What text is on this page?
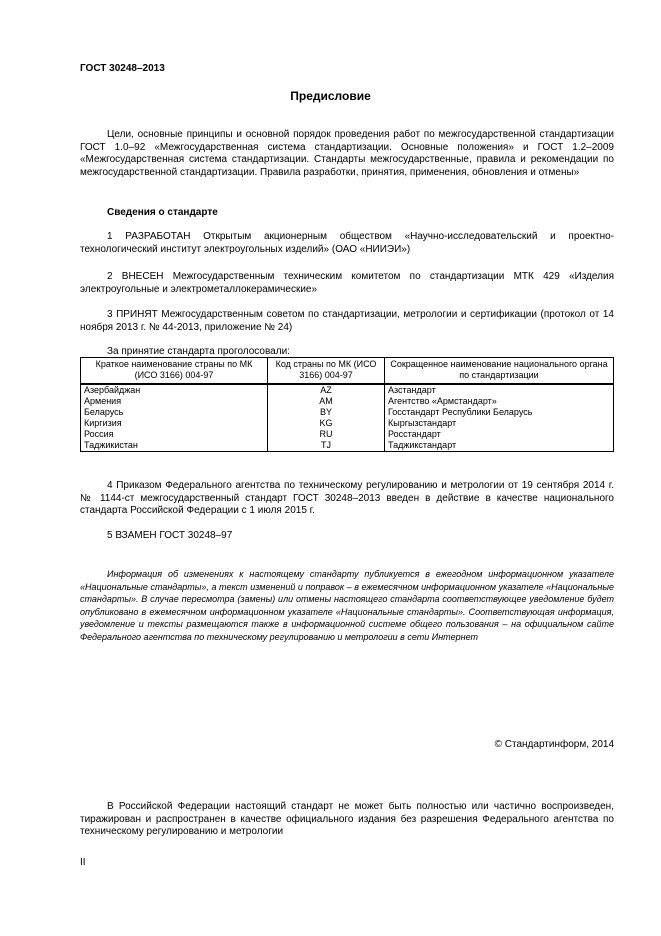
ГОСТ 30248–2013
Предисловие

Цели, основные принципы и основной порядок проведения работ по межгосударственной стандартизации ГОСТ 1.0–92 «Межгосударственная система стандартизации. Основные положения» и ГОСТ 1.2–2009 «Межгосударственная система стандартизации. Стандарты межгосударственные, правила и рекомендации по межгосударственной стандартизации. Правила разработки, принятия, применения, обновления и отмены»

Сведения о стандарте

1 РАЗРАБОТАН Открытым акционерным обществом «Научно-исследовательский и проектно-технологический институт электроугольных изделий» (ОАО «НИИЭИ»)

2 ВНЕСЕН Межгосударственным техническим комитетом по стандартизации МТК 429 «Изделия электроугольные и электрометаллокерамические»

3 ПРИНЯТ Межгосударственным советом по стандартизации, метрологии и сертификации (протокол от 14 ноября 2013 г. № 44-2013, приложение № 24)

За принятие стандарта проголосовали:
Краткое наименование страны по МК (ИСО 3166) 004-97	Код страны по МК (ИСО 3166) 004-97	Сокращенное наименование национального органа по стандартизации
Азербайджан	AZ	Азстандарт
Армения	AM	Агентство «Армстандарт»
Беларусь	BY	Госстандарт Республики Беларусь
Киргизия	KG	Кыргызстандарт
Россия	RU	Росстандарт
Таджикистан	TJ	Таджикстандарт

4 Приказом Федерального агентства по техническому регулированию и метрологии от 19 сентября 2014 г. № 1144-ст межгосударственный стандарт ГОСТ 30248–2013 введен в действие в качестве национального стандарта Российской Федерации с 1 июля 2015 г.

5 ВЗАМЕН ГОСТ 30248–97

Информация об изменениях к настоящему стандарту публикуется в ежегодном информационном указателе «Национальные стандарты», а текст изменений и поправок – в ежемесячном информационном указателе «Национальные стандарты». В случае пересмотра (замены) или отмены настоящего стандарта соответствующее уведомление будет опубликовано в ежемесячном информационном указателе «Национальные стандарты». Соответствующая информация, уведомление и тексты размещаются также в информационной системе общего пользования – на официальном сайте Федерального агентства по техническому регулированию и метрологии в сети Интернет

© Стандартинформ, 2014

В Российской Федерации настоящий стандарт не может быть полностью или частично воспроизведен, тиражирован и распространен в качестве официального издания без разрешения Федерального агентства по техническому регулированию и метрологии

II
